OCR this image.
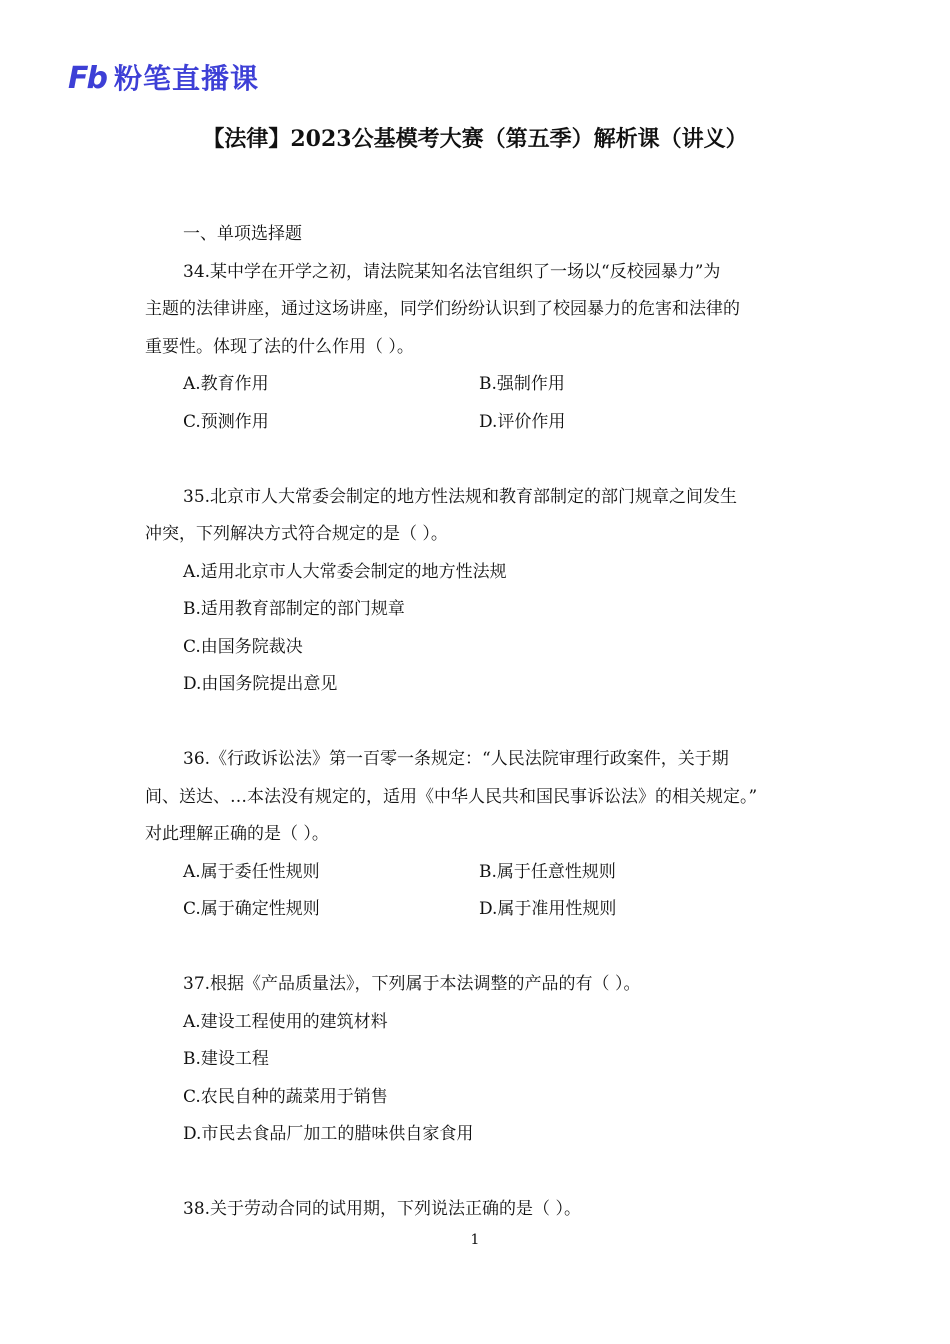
Fb 粉笔直播课
【法律】2023公基模考大赛（第五季）解析课（讲义）
一、单项选择题
34.某中学在开学之初，请法院某知名法官组织了一场以“反校园暴力”为
主题的法律讲座，通过这场讲座，同学们纷纷认识到了校园暴力的危害和法律的
重要性。体现了法的什么作用（ ）。
A.教育作用	B.强制作用
C.预测作用	D.评价作用
35.北京市人大常委会制定的地方性法规和教育部制定的部门规章之间发生
冲突，下列解决方式符合规定的是（ ）。
A.适用北京市人大常委会制定的地方性法规
B.适用教育部制定的部门规章
C.由国务院裁决
D.由国务院提出意见
36.《行政诉讼法》第一百零一条规定：“人民法院审理行政案件，关于期
间、送达、…本法没有规定的，适用《中华人民共和国民事诉讼法》的相关规定。”
对此理解正确的是（ ）。
A.属于委任性规则	B.属于任意性规则
C.属于确定性规则	D.属于准用性规则
37.根据《产品质量法》，下列属于本法调整的产品的有（ ）。
A.建设工程使用的建筑材料
B.建设工程
C.农民自种的蔬菜用于销售
D.市民去食品厂加工的腊味供自家食用
38.关于劳动合同的试用期，下列说法正确的是（ ）。
1
